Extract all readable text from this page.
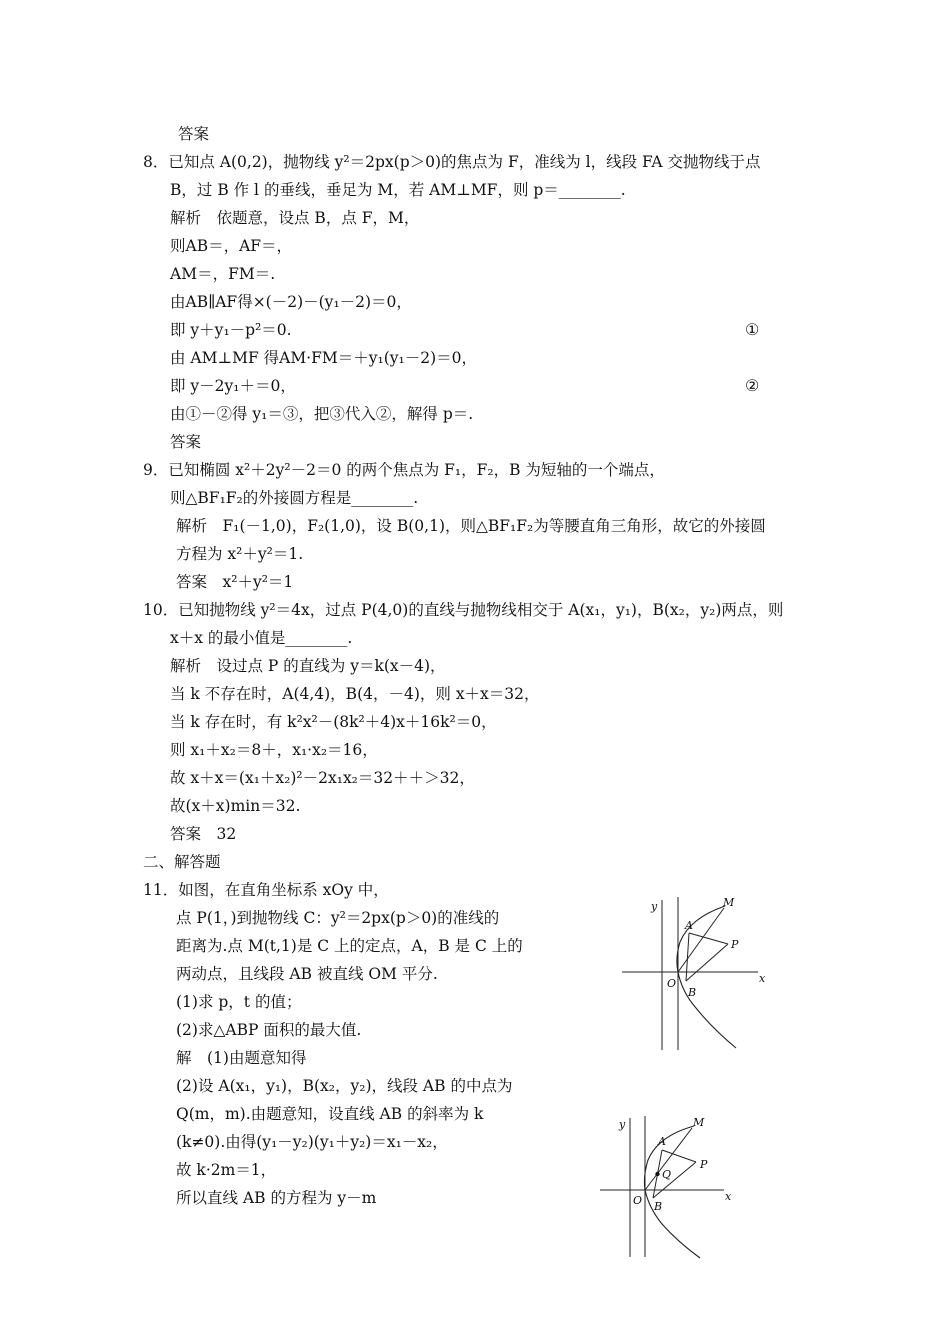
答案
8．已知点 A(0,2)，抛物线 y²＝2px(p＞0)的焦点为 F，准线为 l，线段 FA 交抛物线于点
B，过 B 作 l 的垂线，垂足为 M，若 AM⊥MF，则 p＝________.
解析　依题意，设点 B，点 F，M，
则AB＝，AF＝，
AM＝，FM＝.
由AB∥AF得×(－2)－(y₁－2)＝0，
即 y＋y₁－p²＝0.	①
由 AM⊥MF 得AM·FM＝＋y₁(y₁－2)＝0，
即 y－2y₁＋＝0，	②
由①－②得 y₁＝③，把③代入②，解得 p＝.
答案
9．已知椭圆 x²＋2y²－2＝0 的两个焦点为 F₁，F₂，B 为短轴的一个端点，
则△BF₁F₂的外接圆方程是________.
解析　F₁(－1,0)，F₂(1,0)，设 B(0,1)，则△BF₁F₂为等腰直角三角形，故它的外接圆
方程为 x²＋y²＝1.
答案　x²＋y²＝1
10．已知抛物线 y²＝4x，过点 P(4,0)的直线与抛物线相交于 A(x₁，y₁)，B(x₂，y₂)两点，则
x＋x 的最小值是________.
解析　设过点 P 的直线为 y＝k(x－4)，
当 k 不存在时，A(4,4)，B(4，－4)，则 x＋x＝32，
当 k 存在时，有 k²x²－(8k²＋4)x＋16k²＝0，
则 x₁＋x₂＝8＋，x₁·x₂＝16，
故 x＋x＝(x₁＋x₂)²－2x₁x₂＝32＋＋＞32，
故(x＋x)min＝32.
答案　32
二、解答题
11．如图，在直角坐标系 xOy 中，
点 P(1，)到抛物线 C：y²＝2px(p＞0)的准线的
距离为.点 M(t,1)是 C 上的定点，A，B 是 C 上的
两动点，且线段 AB 被直线 OM 平分.
(1)求 p，t 的值；
(2)求△ABP 面积的最大值.
解　(1)由题意知得
(2)设 A(x₁，y₁)，B(x₂，y₂)，线段 AB 的中点为
Q(m，m).由题意知，设直线 AB 的斜率为 k
(k≠0).由得(y₁－y₂)(y₁＋y₂)＝x₁－x₂，
故 k·2m＝1，
所以直线 AB 的方程为 y－m
y	M
A
P
O
B
x
y	M
A
Q
P
O B
x
